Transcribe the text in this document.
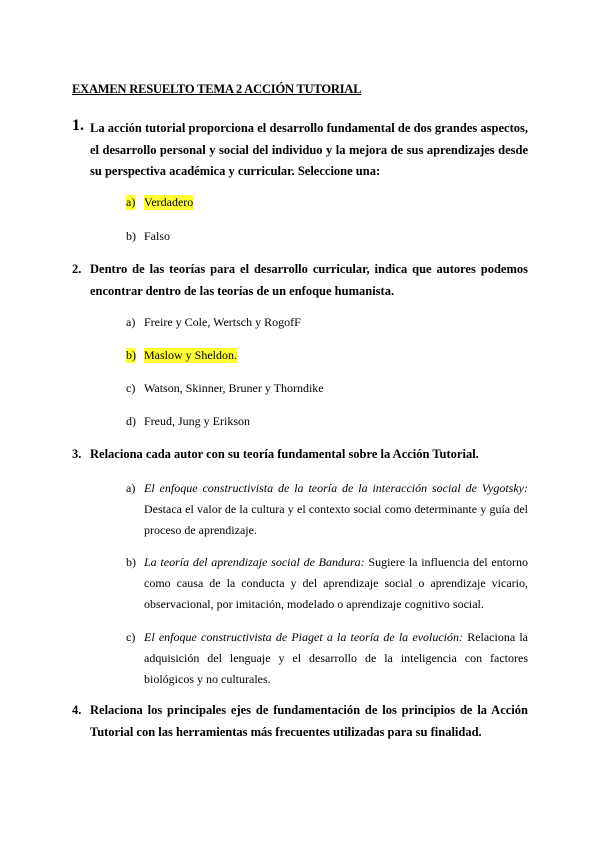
EXAMEN RESUELTO TEMA 2 ACCIÓN TUTORIAL
1. La acción tutorial proporciona el desarrollo fundamental de dos grandes aspectos, el desarrollo personal y social del individuo y la mejora de sus aprendizajes desde su perspectiva académica y curricular. Seleccione una:
a) Verdadero
b) Falso
2. Dentro de las teorías para el desarrollo curricular, indica que autores podemos encontrar dentro de las teorías de un enfoque humanista.
a) Freire y Cole, Wertsch y RogofF
b) Maslow y Sheldon.
c) Watson, Skinner, Bruner y Thorndike
d) Freud, Jung y Erikson
3. Relaciona cada autor con su teoría fundamental sobre la Acción Tutorial.
a) El enfoque constructivista de la teoría de la interacción social de Vygotsky: Destaca el valor de la cultura y el contexto social como determinante y guía del proceso de aprendizaje.
b) La teoría del aprendizaje social de Bandura: Sugiere la influencia del entorno como causa de la conducta y del aprendizaje social o aprendizaje vicario, observacional, por imitación, modelado o aprendizaje cognitivo social.
c) El enfoque constructivista de Piaget a la teoría de la evolución: Relaciona la adquisición del lenguaje y el desarrollo de la inteligencia con factores biológicos y no culturales.
4. Relaciona los principales ejes de fundamentación de los principios de la Acción Tutorial con las herramientas más frecuentes utilizadas para su finalidad.
